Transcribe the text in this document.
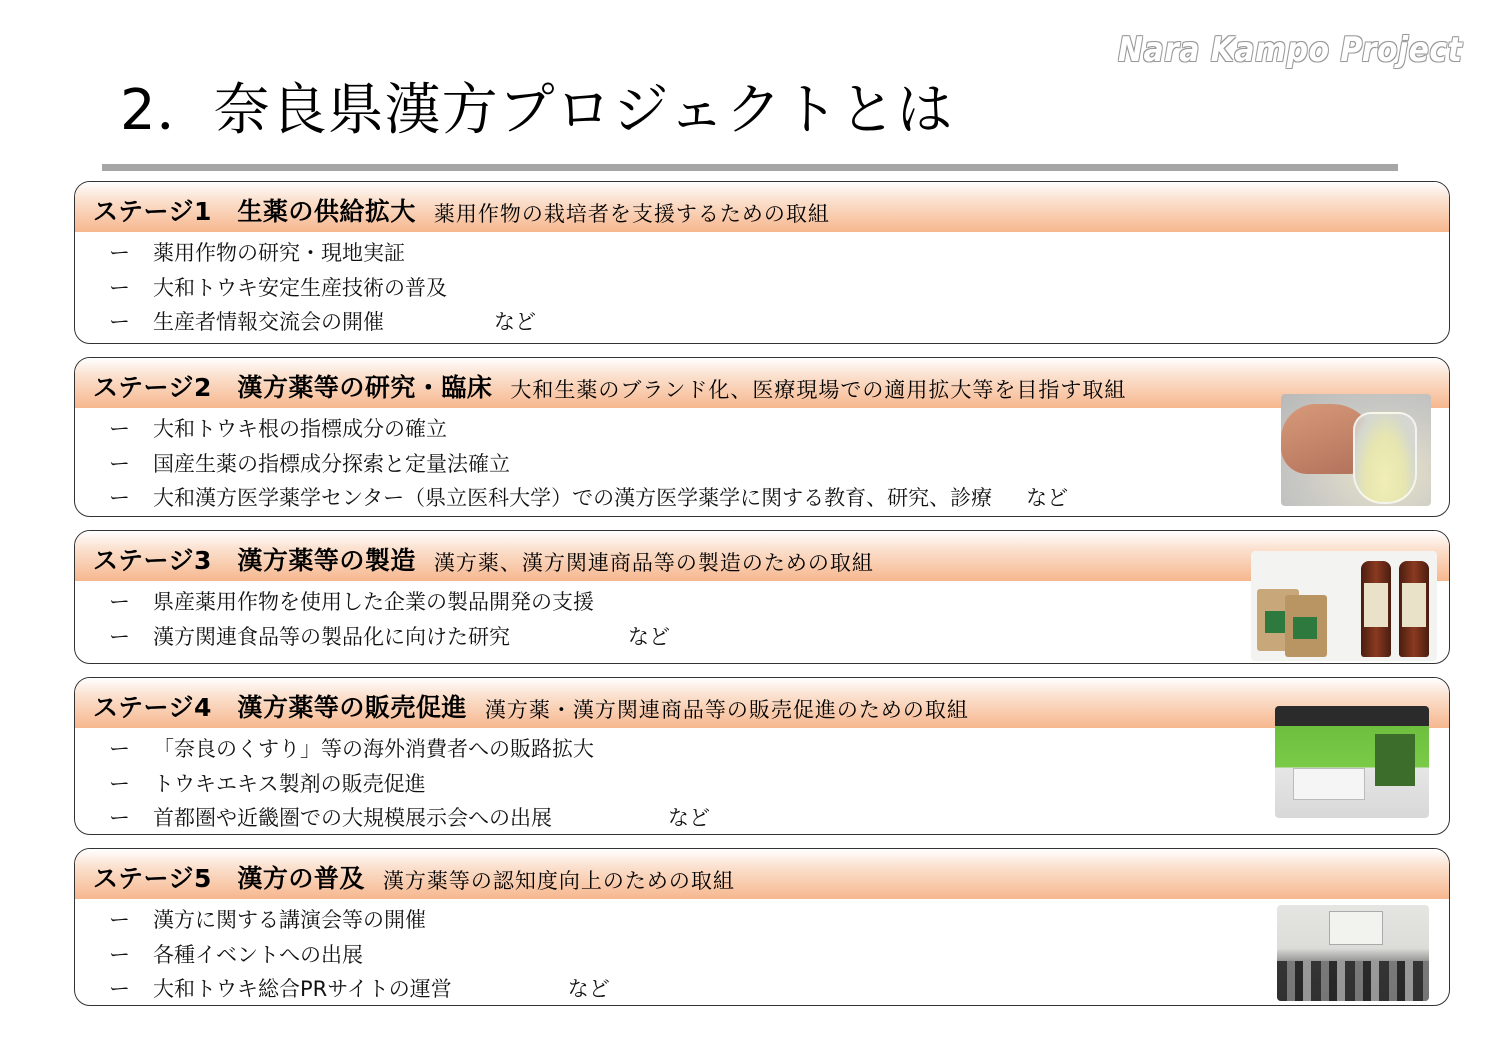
Nara Kampo Project
2．奈良県漢方プロジェクトとは
ステージ1　生薬の供給拡大 薬用作物の栽培者を支援するための取組
ー 薬用作物の研究・現地実証
ー 大和トウキ安定生産技術の普及
ー 生産者情報交流会の開催	など
ステージ2　漢方薬等の研究・臨床 大和生薬のブランド化、医療現場での適用拡大等を目指す取組
ー 大和トウキ根の指標成分の確立
ー 国産生薬の指標成分探索と定量法確立
ー 大和漢方医学薬学センター（県立医科大学）での漢方医学薬学に関する教育、研究、診療 など
ステージ3　漢方薬等の製造 漢方薬、漢方関連商品等の製造のための取組
ー 県産薬用作物を使用した企業の製品開発の支援
ー 漢方関連食品等の製品化に向けた研究	など
ステージ4　漢方薬等の販売促進 漢方薬・漢方関連商品等の販売促進のための取組
ー 「奈良のくすり」等の海外消費者への販路拡大
ー トウキエキス製剤の販売促進
ー 首都圏や近畿圏での大規模展示会への出展	など
ステージ5　漢方の普及 漢方薬等の認知度向上のための取組
ー 漢方に関する講演会等の開催
ー 各種イベントへの出展
ー 大和トウキ総合PRサイトの運営	など
